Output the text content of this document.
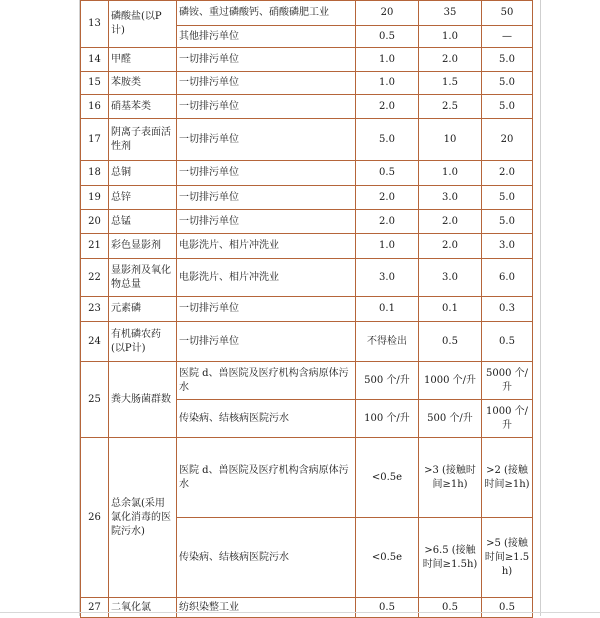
13	磷酸盐(以P计)	磷铵、重过磷酸钙、硝酸磷肥工业	20	35	50
		其他排污单位	0.5	1.0	—
14	甲醛	一切排污单位	1.0	2.0	5.0
15	苯胺类	一切排污单位	1.0	1.5	5.0
16	硝基苯类	一切排污单位	2.0	2.5	5.0
17	阴离子表面活性剂	一切排污单位	5.0	10	20
18	总铜	一切排污单位	0.5	1.0	2.0
19	总锌	一切排污单位	2.0	3.0	5.0
20	总锰	一切排污单位	2.0	2.0	5.0
21	彩色显影剂	电影洗片、相片冲洗业	1.0	2.0	3.0
22	显影剂及氧化物总量	电影洗片、相片冲洗业	3.0	3.0	6.0
23	元素磷	一切排污单位	0.1	0.1	0.3
24	有机磷农药(以P计)	一切排污单位	不得检出	0.5	0.5
25	粪大肠菌群数	医院 d、兽医院及医疗机构含病原体污水	500 个/升	1000 个/升	5000 个/升
		传染病、结核病医院污水	100 个/升	500 个/升	1000 个/升
26	总余氯(采用氯化消毒的医院污水)	医院 d、兽医院及医疗机构含病原体污水	<0.5e	>3 (接触时间≥1h)	>2 (接触时间≥1h)
		传染病、结核病医院污水	<0.5e	>6.5 (接触时间≥1.5h)	>5 (接触时间≥1.5h)
27	二氧化氯	纺织染整工业	0.5	0.5	0.5
